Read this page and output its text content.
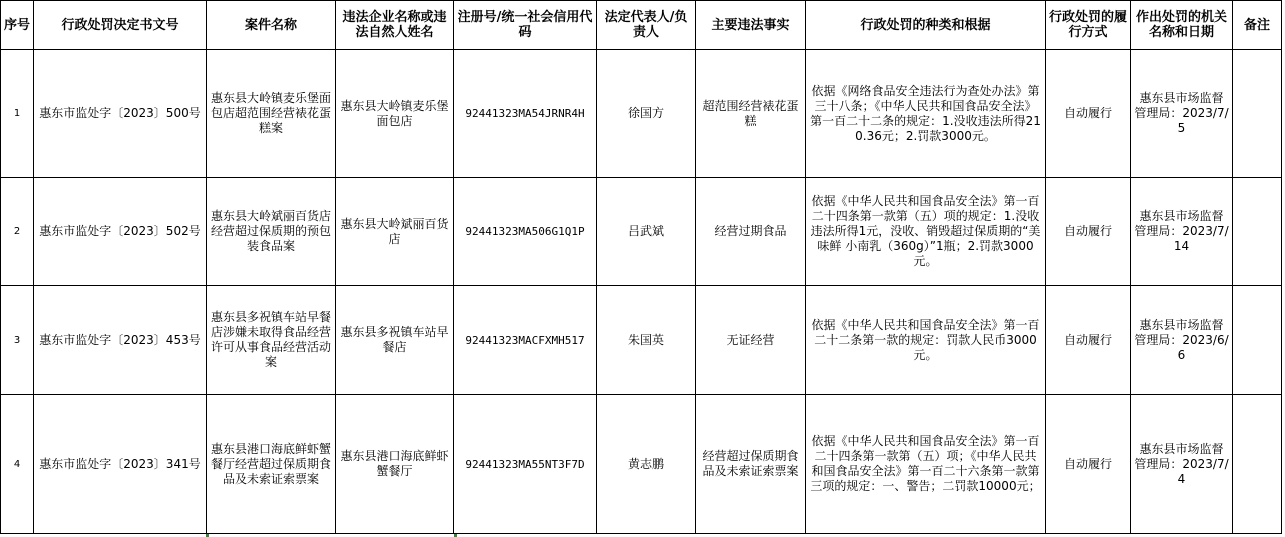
序号	行政处罚决定书文号	案件名称	违法企业名称或违法自然人姓名	注册号/统一社会信用代码	法定代表人/负责人	主要违法事实	行政处罚的种类和根据	行政处罚的履行方式	作出处罚的机关名称和日期	备注
1	惠东市监处字〔2023〕500号	惠东县大岭镇麦乐堡面包店超范围经营裱花蛋糕案	惠东县大岭镇麦乐堡面包店	92441323MA54JRNR4H	徐国方	超范围经营裱花蛋糕	依据《网络食品安全违法行为查处办法》第三十八条；《中华人民共和国食品安全法》第一百二十二条的规定：1.没收违法所得210.36元；2.罚款3000元。	自动履行	惠东县市场监督管理局：2023/7/5	
2	惠东市监处字〔2023〕502号	惠东县大岭斌丽百货店经营超过保质期的预包装食品案	惠东县大岭斌丽百货店	92441323MA506G1Q1P	吕武斌	经营过期食品	依据《中华人民共和国食品安全法》第一百二十四条第一款第（五）项的规定：1.没收违法所得1元，没收、销毁超过保质期的“美味鲜 小南乳（360g）”1瓶；2.罚款3000元。	自动履行	惠东县市场监督管理局：2023/7/14	
3	惠东市监处字〔2023〕453号	惠东县多祝镇车站早餐店涉嫌未取得食品经营许可从事食品经营活动案	惠东县多祝镇车站早餐店	92441323MACFXMH517	朱国英	无证经营	依据《中华人民共和国食品安全法》第一百二十二条第一款的规定：罚款人民币3000元。	自动履行	惠东县市场监督管理局：2023/6/6	
4	惠东市监处字〔2023〕341号	惠东县港口海底鲜虾蟹餐厅经营超过保质期食品及未索证索票案	惠东县港口海底鲜虾蟹餐厅	92441323MA55NT3F7D	黄志鹏	经营超过保质期食品及未索证索票案	依据《中华人民共和国食品安全法》第一百二十四条第一款第（五）项；《中华人民共和国食品安全法》第一百二十六条第一款第三项的规定：一、警告；二罚款10000元；	自动履行	惠东县市场监督管理局：2023/7/4	
